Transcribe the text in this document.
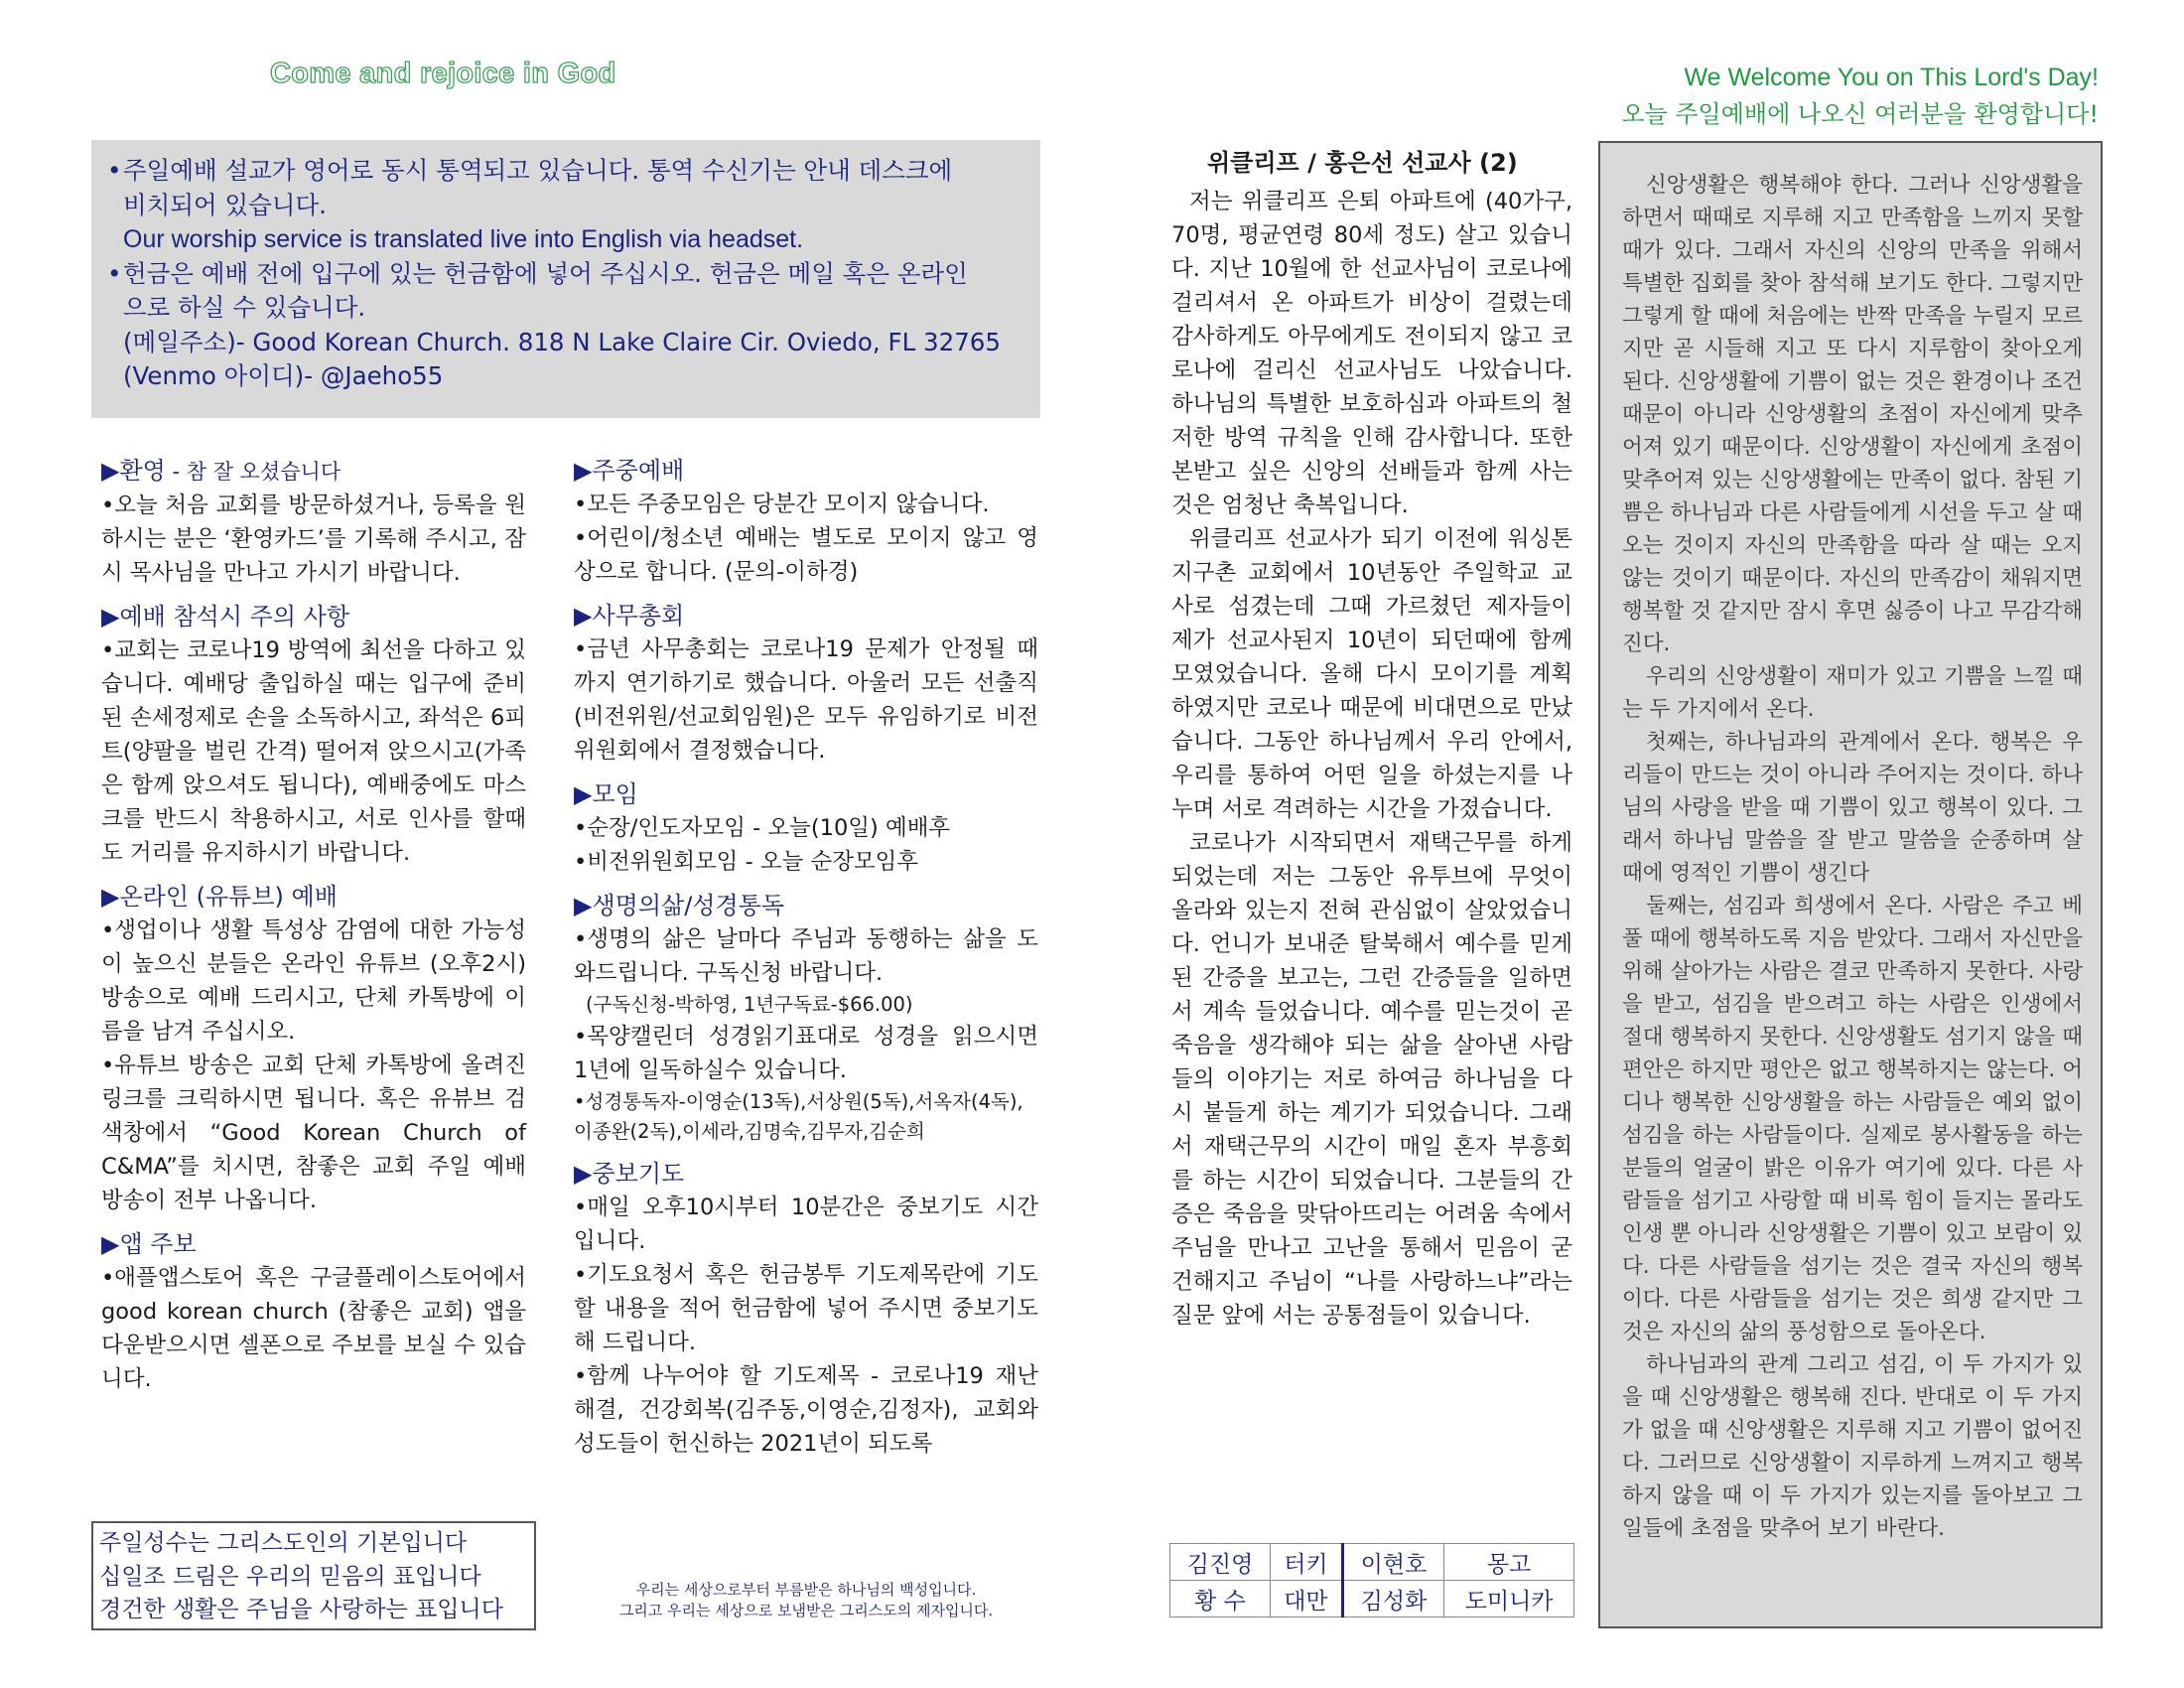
Come and rejoice in God	We Welcome You on This Lord's Day!
오늘 주일예배에 나오신 여러분을 환영합니다!
• 주일예배 설교가 영어로 동시 통역되고 있습니다. 통역 수신기는 안내 데스크에
비치되어 있습니다.
Our worship service is translated live into English via headset.
• 헌금은 예배 전에 입구에 있는 헌금함에 넣어 주십시오. 헌금은 메일 혹은 온라인
으로 하실 수 있습니다.
(메일주소)- Good Korean Church. 818 N Lake Claire Cir. Oviedo, FL 32765
(Venmo 아이디)- @Jaeho55
▶환영 - 참 잘 오셨습니다
•오늘 처음 교회를 방문하셨거나, 등록을 원하시는 분은 ‘환영카드’를 기록해 주시고, 잠시 목사님을 만나고 가시기 바랍니다.
▶예배 참석시 주의 사항
•교회는 코로나19 방역에 최선을 다하고 있습니다. 예배당 출입하실 때는 입구에 준비된 손세정제로 손을 소독하시고, 좌석은 6피트(양팔을 벌린 간격) 떨어져 앉으시고(가족은 함께 앉으셔도 됩니다), 예배중에도 마스크를 반드시 착용하시고, 서로 인사를 할때도 거리를 유지하시기 바랍니다.
▶온라인 (유튜브) 예배
•생업이나 생활 특성상 감염에 대한 가능성이 높으신 분들은 온라인 유튜브 (오후2시) 방송으로 예배 드리시고, 단체 카톡방에 이름을 남겨 주십시오.
•유튜브 방송은 교회 단체 카톡방에 올려진 링크를 크릭하시면 됩니다. 혹은 유뷰브 검색창에서 “Good Korean Church of C&MA”를 치시면, 참좋은 교회 주일 예배 방송이 전부 나옵니다.
▶앱 주보
•애플앱스토어 혹은 구글플레이스토어에서 good korean church (참좋은 교회) 앱을 다운받으시면 셀폰으로 주보를 보실 수 있습니다.
주일성수는 그리스도인의 기본입니다
십일조 드림은 우리의 믿음의 표입니다
경건한 생활은 주님을 사랑하는 표입니다
▶주중예배
•모든 주중모임은 당분간 모이지 않습니다.
•어린이/청소년 예배는 별도로 모이지 않고 영상으로 합니다. (문의-이하경)
▶사무총회
•금년 사무총회는 코로나19 문제가 안정될 때까지 연기하기로 했습니다. 아울러 모든 선출직(비전위원/선교회임원)은 모두 유임하기로 비전위원회에서 결정했습니다.
▶모임
•순장/인도자모임 - 오늘(10일) 예배후
•비전위원회모임 - 오늘 순장모임후
▶생명의삶/성경통독
•생명의 삶은 날마다 주님과 동행하는 삶을 도와드립니다. 구독신청 바랍니다.
(구독신청-박하영, 1년구독료-$66.00)
•목양캘린더 성경읽기표대로 성경을 읽으시면 1년에 일독하실수 있습니다.
•성경통독자-이영순(13독),서상원(5독),서옥자(4독),이종완(2독),이세라,김명숙,김무자,김순희
▶중보기도
•매일 오후10시부터 10분간은 중보기도 시간입니다.
•기도요청서 혹은 헌금봉투 기도제목란에 기도할 내용을 적어 헌금함에 넣어 주시면 중보기도해 드립니다.
•함께 나누어야 할 기도제목 - 코로나19 재난 해결, 건강회복(김주동,이영순,김정자), 교회와 성도들이 헌신하는 2021년이 되도록
우리는 세상으로부터 부름받은 하나님의 백성입니다.
그리고 우리는 세상으로 보냄받은 그리스도의 제자입니다.
위클리프 / 홍은선 선교사 (2)

저는 위클리프 은퇴 아파트에 (40가구, 70명, 평균연령 80세 정도) 살고 있습니다. 지난 10월에 한 선교사님이 코로나에 걸리셔서 온 아파트가 비상이 걸렸는데 감사하게도 아무에게도 전이되지 않고 코로나에 걸리신 선교사님도 나았습니다. 하나님의 특별한 보호하심과 아파트의 철저한 방역 규칙을 인해 감사합니다. 또한 본받고 싶은 신앙의 선배들과 함께 사는 것은 엄청난 축복입니다.

위클리프 선교사가 되기 이전에 워싱톤 지구촌 교회에서 10년동안 주일학교 교사로 섬겼는데 그때 가르쳤던 제자들이 제가 선교사된지 10년이 되던때에 함께 모였었습니다. 올해 다시 모이기를 계획 하였지만 코로나 때문에 비대면으로 만났습니다. 그동안 하나님께서 우리 안에서, 우리를 통하여 어떤 일을 하셨는지를 나누며 서로 격려하는 시간을 가졌습니다.

코로나가 시작되면서 재택근무를 하게 되었는데 저는 그동안 유투브에 무엇이 올라와 있는지 전혀 관심없이 살았었습니다. 언니가 보내준 탈북해서 예수를 믿게된 간증을 보고는, 그런 간증들을 일하면서 계속 들었습니다. 예수를 믿는것이 곧 죽음을 생각해야 되는 삶을 살아낸 사람들의 이야기는 저로 하여금 하나님을 다시 붙들게 하는 계기가 되었습니다. 그래서 재택근무의 시간이 매일 혼자 부흥회를 하는 시간이 되었습니다. 그분들의 간증은 죽음을 맞닦아뜨리는 어려움 속에서 주님을 만나고 고난을 통해서 믿음이 굳건해지고 주님이 “나를 사랑하느냐”라는 질문 앞에 서는 공통점들이 있습니다.

김진영	터키	이현호	몽고
황 수	대만	김성화	도미니카

신앙생활은 행복해야 한다. 그러나 신앙생활을 하면서 때때로 지루해 지고 만족함을 느끼지 못할 때가 있다. 그래서 자신의 신앙의 만족을 위해서 특별한 집회를 찾아 참석해 보기도 한다. 그렇지만 그렇게 할 때에 처음에는 반짝 만족을 누릴지 모르지만 곧 시들해 지고 또 다시 지루함이 찾아오게 된다. 신앙생활에 기쁨이 없는 것은 환경이나 조건 때문이 아니라 신앙생활의 초점이 자신에게 맞추어져 있기 때문이다. 신앙생활이 자신에게 초점이 맞추어져 있는 신앙생활에는 만족이 없다. 참된 기쁨은 하나님과 다른 사람들에게 시선을 두고 살 때 오는 것이지 자신의 만족함을 따라 살 때는 오지 않는 것이기 때문이다. 자신의 만족감이 채워지면 행복할 것 같지만 잠시 후면 싫증이 나고 무감각해진다.

우리의 신앙생활이 재미가 있고 기쁨을 느낄 때는 두 가지에서 온다.

첫째는, 하나님과의 관계에서 온다. 행복은 우리들이 만드는 것이 아니라 주어지는 것이다. 하나님의 사랑을 받을 때 기쁨이 있고 행복이 있다. 그래서 하나님 말씀을 잘 받고 말씀을 순종하며 살 때에 영적인 기쁨이 생긴다

둘째는, 섬김과 희생에서 온다. 사람은 주고 베풀 때에 행복하도록 지음 받았다. 그래서 자신만을 위해 살아가는 사람은 결코 만족하지 못한다. 사랑을 받고, 섬김을 받으려고 하는 사람은 인생에서 절대 행복하지 못한다. 신앙생활도 섬기지 않을 때 편안은 하지만 평안은 없고 행복하지는 않는다. 어디나 행복한 신앙생활을 하는 사람들은 예외 없이 섬김을 하는 사람들이다. 실제로 봉사활동을 하는 분들의 얼굴이 밝은 이유가 여기에 있다. 다른 사람들을 섬기고 사랑할 때 비록 힘이 들지는 몰라도 인생 뿐 아니라 신앙생활은 기쁨이 있고 보람이 있다. 다른 사람들을 섬기는 것은 결국 자신의 행복이다. 다른 사람들을 섬기는 것은 희생 같지만 그것은 자신의 삶의 풍성함으로 돌아온다.

하나님과의 관계 그리고 섬김, 이 두 가지가 있을 때 신앙생활은 행복해 진다. 반대로 이 두 가지가 없을 때 신앙생활은 지루해 지고 기쁨이 없어진다. 그러므로 신앙생활이 지루하게 느껴지고 행복하지 않을 때 이 두 가지가 있는지를 돌아보고 그 일들에 초점을 맞추어 보기 바란다.
